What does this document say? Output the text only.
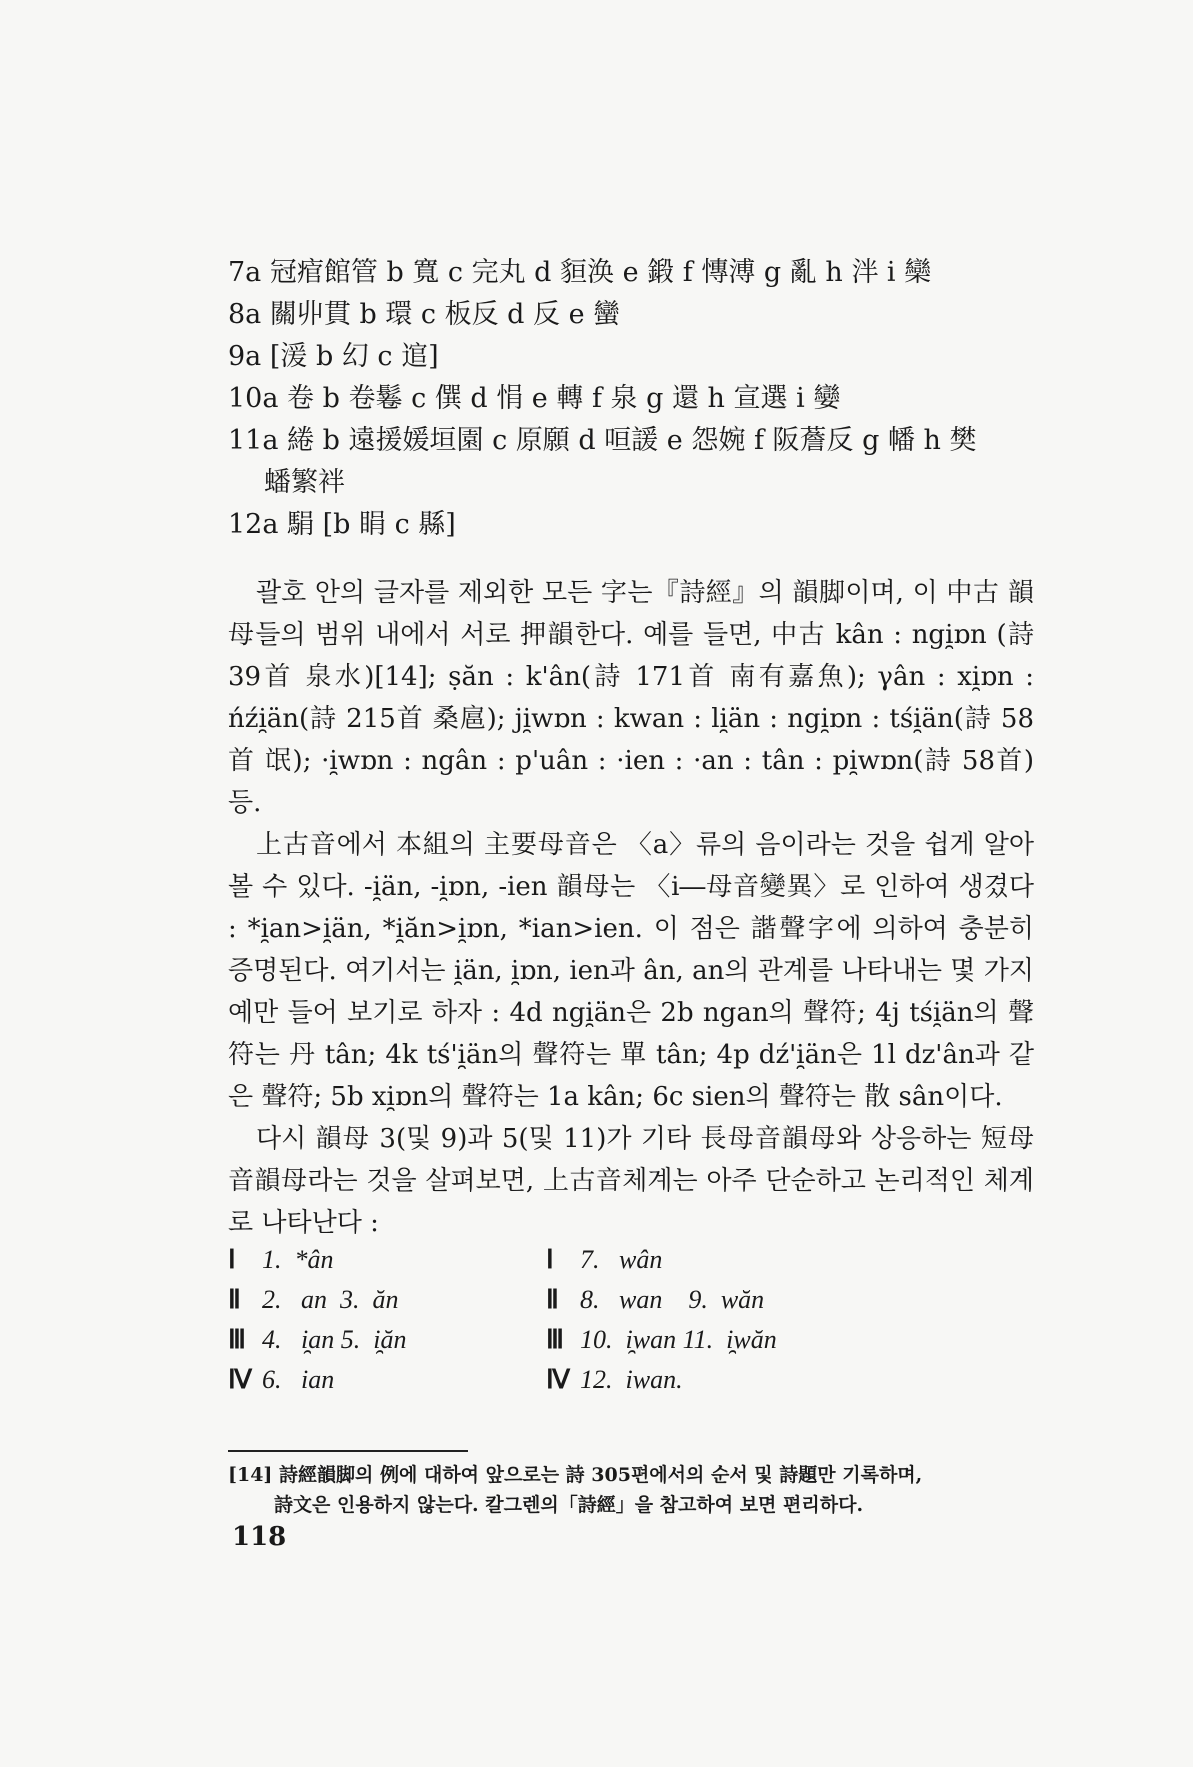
7a 冠痯館管 b 寬 c 完丸 d 貆涣 e 鍛 f 慱溥 g 亂 h 泮 i 欒
8a 關丱貫 b 環 c 板反 d 反 e 蠻
9a [湲 b 幻 c 逭]
10a 卷 b 卷鬈 c 僎 d 悁 e 轉 f 泉 g 還 h 宣選 i 孌
11a 綣 b 遠援媛垣園 c 原願 d 咺諼 e 怨婉 f 阪薝反 g 幡 h 樊
蟠繁袢
12a 駽 [b 睊 c 縣]

괄호 안의 글자를 제외한 모든 字는『詩經』의 韻脚이며, 이 中古 韻母들의 범위 내에서 서로 押韻한다. 예를 들면, 中古 kân : ngi̯ɒn (詩 39首 泉水)[14]; ṣăn : k'ân(詩 171首 南有嘉魚); γân : xi̯ɒn : ńźi̯än(詩 215首 桑扈); ji̯wɒn : kwan : li̯än : ngi̯ɒn : tśi̯än(詩 58首 氓); ·i̯wɒn : ngân : p'uân : ·ien : ·an : tân : pi̯wɒn(詩 58首) 등.

上古音에서 本組의 主要母音은 〈a〉류의 음이라는 것을 쉽게 알아 볼 수 있다. -i̯än, -i̯ɒn, -ien 韻母는 〈i―母音變異〉로 인하여 생겼다 : *i̯an>i̯än, *i̯ăn>i̯ɒn, *ian>ien. 이 점은 諧聲字에 의하여 충분히 증명된다. 여기서는 i̯än, i̯ɒn, ien과 ân, an의 관계를 나타내는 몇 가지 예만 들어 보기로 하자 : 4d ngi̯än은 2b ngan의 聲符; 4j tśi̯än의 聲符는 丹 tân; 4k tś'i̯än의 聲符는 單 tân; 4p dź'i̯än은 1l dz'ân과 같은 聲符; 5b xi̯ɒn의 聲符는 1a kân; 6c sien의 聲符는 散 sân이다.

다시 韻母 3(및 9)과 5(및 11)가 기타 長母音韻母와 상응하는 短母音韻母라는 것을 살펴보면, 上古音체계는 아주 단순하고 논리적인 체계로 나타난다 :

Ⅰ	1.  *ân	Ⅰ	7.   wân
Ⅱ 2.   an  3.  ăn	Ⅱ 8.   wan    9.  wăn
Ⅲ 4.   i̯an 5.  i̯ăn	Ⅲ 10.  i̯wan 11.  i̯wăn
Ⅳ 6.   ian	Ⅳ 12.  iwan.
[14] 詩經韻脚의 例에 대하여 앞으로는 詩 305편에서의 순서 및 詩題만 기록하며,
詩文은 인용하지 않는다. 칼그렌의「詩經」을 참고하여 보면 편리하다.
118
